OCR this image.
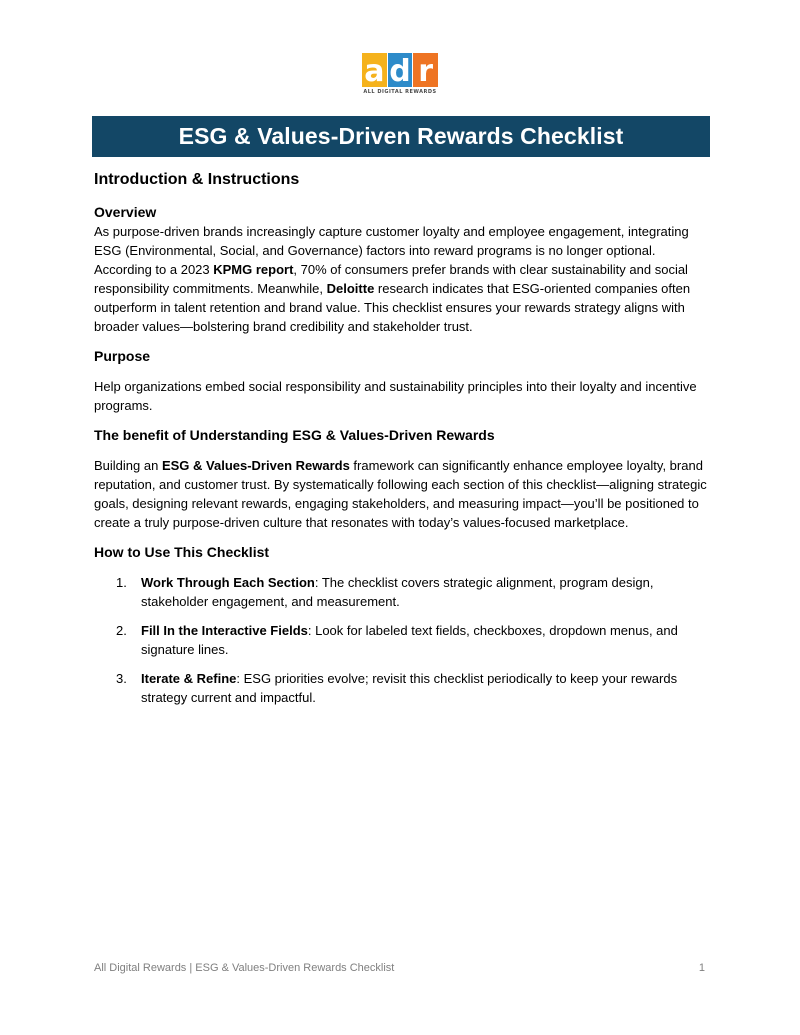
a d r
ALL DIGITAL REWARDS
ESG & Values-Driven Rewards Checklist
Introduction & Instructions
Overview

As purpose-driven brands increasingly capture customer loyalty and employee engagement, integrating ESG (Environmental, Social, and Governance) factors into reward programs is no longer optional. According to a 2023 KPMG report, 70% of consumers prefer brands with clear sustainability and social responsibility commitments. Meanwhile, Deloitte research indicates that ESG-oriented companies often outperform in talent retention and brand value. This checklist ensures your rewards strategy aligns with broader values—bolstering brand credibility and stakeholder trust.

Purpose

Help organizations embed social responsibility and sustainability principles into their loyalty and incentive programs.

The benefit of Understanding ESG & Values-Driven Rewards

Building an ESG & Values-Driven Rewards framework can significantly enhance employee loyalty, brand reputation, and customer trust. By systematically following each section of this checklist—aligning strategic goals, designing relevant rewards, engaging stakeholders, and measuring impact—you’ll be positioned to create a truly purpose-driven culture that resonates with today’s values-focused marketplace.

How to Use This Checklist
1. Work Through Each Section: The checklist covers strategic alignment, program design, stakeholder engagement, and measurement.
2. Fill In the Interactive Fields: Look for labeled text fields, checkboxes, dropdown menus, and signature lines.
3. Iterate & Refine: ESG priorities evolve; revisit this checklist periodically to keep your rewards strategy current and impactful.
All Digital Rewards | ESG & Values-Driven Rewards Checklist	1
